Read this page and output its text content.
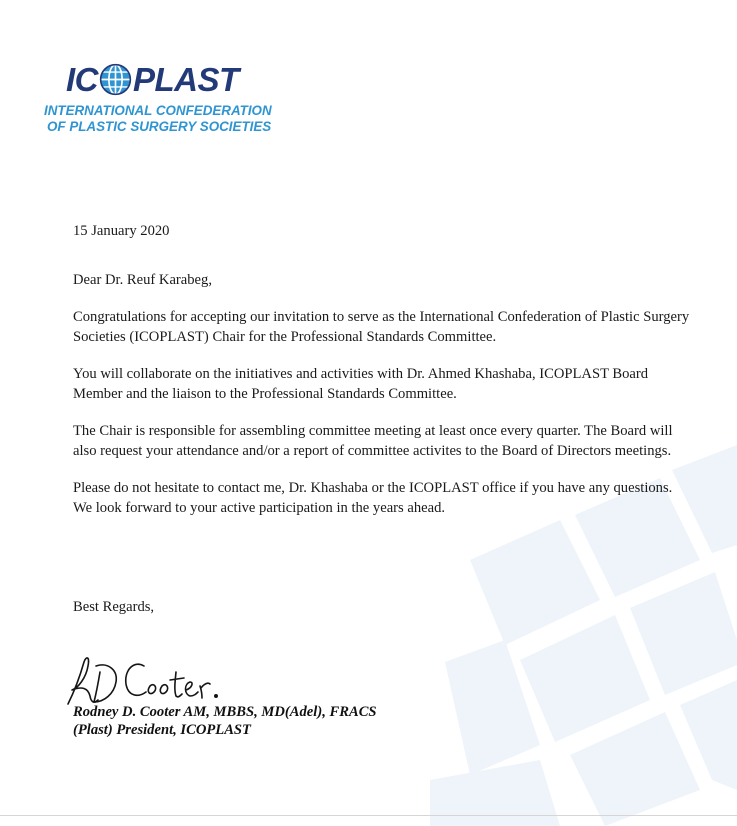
IC PLAST
INTERNATIONAL CONFEDERATION
OF PLASTIC SURGERY SOCIETIES

15 January 2020

Dear Dr. Reuf Karabeg,

Congratulations for accepting our invitation to serve as the International Confederation of Plastic Surgery Societies (ICOPLAST) Chair for the Professional Standards Committee.

You will collaborate on the initiatives and activities with Dr. Ahmed Khashaba, ICOPLAST Board Member and the liaison to the Professional Standards Committee.

The Chair is responsible for assembling committee meeting at least once every quarter. The Board will also request your attendance and/or a report of committee activites to the Board of Directors meetings.

Please do not hesitate to contact me, Dr. Khashaba or the ICOPLAST office if you have any questions. We look forward to your active participation in the years ahead.

Best Regards,
Rodney D. Cooter AM, MBBS, MD(Adel), FRACS
(Plast) President, ICOPLAST
